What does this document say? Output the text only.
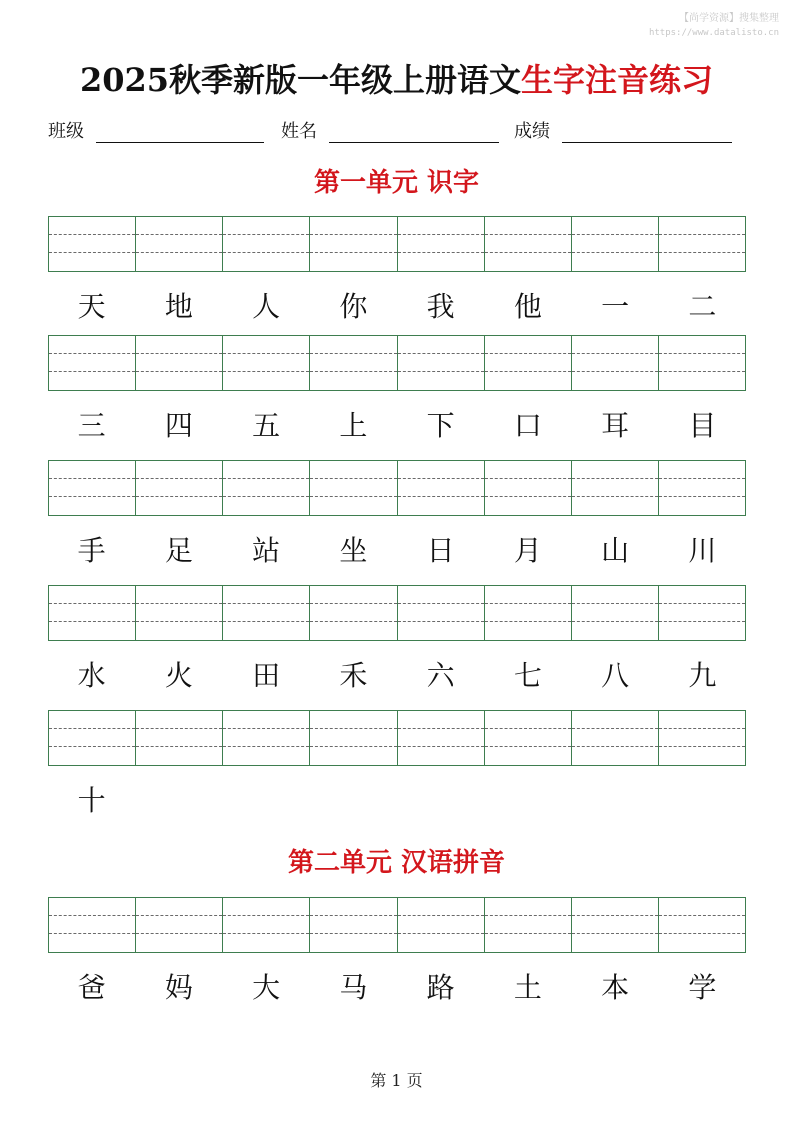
【尚学资源】搜集整理
https://www.datalisto.cn
2025秋季新版一年级上册语文生字注音练习
班级	姓名	成绩
第一单元 识字
天	地	人	你	我	他	一	二
三	四	五	上	下	口	耳	目
手	足	站	坐	日	月	山	川
水	火	田	禾	六	七	八	九
十
第二单元 汉语拼音
爸	妈	大	马	路	土	本	学
第 1 页
